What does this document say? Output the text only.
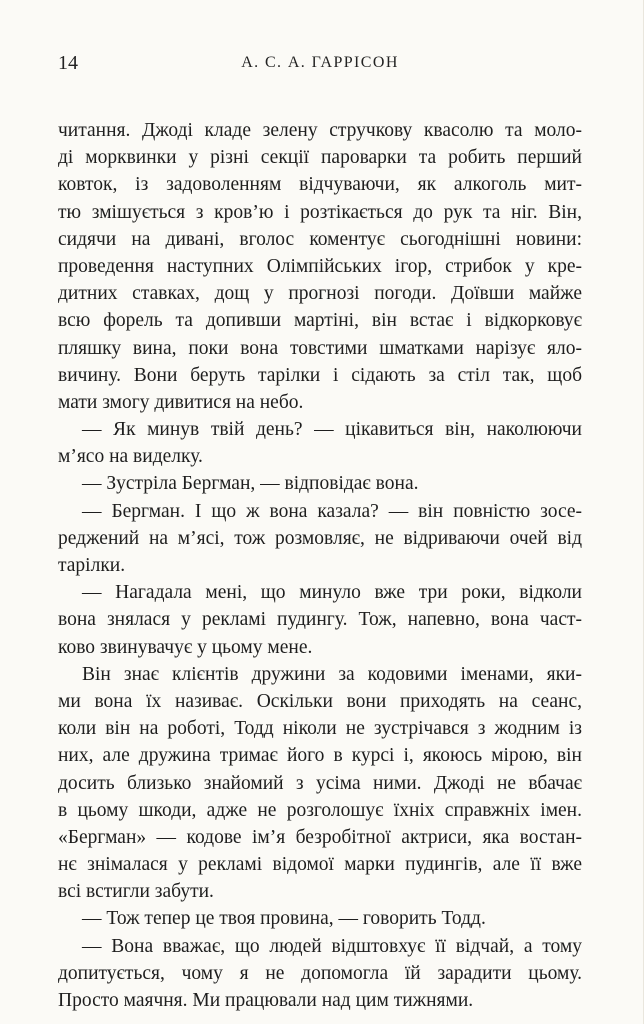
14	А. С. А. ГАРРІСОН
читання. Джоді кладе зелену стручкову квасолю та моло-
ді морквинки у різні секції пароварки та робить перший
ковток, із задоволенням відчуваючи, як алкоголь мит-
тю змішується з кров’ю і розтікається до рук та ніг. Він,
сидячи на дивані, вголос коментує сьогоднішні новини:
проведення наступних Олімпійських ігор, стрибок у кре-
дитних ставках, дощ у прогнозі погоди. Доївши майже
всю форель та допивши мартіні, він встає і відкорковує
пляшку вина, поки вона товстими шматками нарізує яло-
вичину. Вони беруть тарілки і сідають за стіл так, щоб
мати змогу дивитися на небо.
— Як минув твій день? — цікавиться він, наколюючи
м’ясо на виделку.
— Зустріла Бергман, — відповідає вона.
— Бергман. І що ж вона казала? — він повністю зосе-
реджений на м’ясі, тож розмовляє, не відриваючи очей від
тарілки.
— Нагадала мені, що минуло вже три роки, відколи
вона знялася у рекламі пудингу. Тож, напевно, вона част-
ково звинувачує у цьому мене.
Він знає клієнтів дружини за кодовими іменами, яки-
ми вона їх називає. Оскільки вони приходять на сеанс,
коли він на роботі, Тодд ніколи не зустрічався з жодним із
них, але дружина тримає його в курсі і, якоюсь мірою, він
досить близько знайомий з усіма ними. Джоді не вбачає
в цьому шкоди, адже не розголошує їхніх справжніх імен.
«Бергман» — кодове ім’я безробітної актриси, яка востан-
нє знімалася у рекламі відомої марки пудингів, але її вже
всі встигли забути.
— Тож тепер це твоя провина, — говорить Тодд.
— Вона вважає, що людей відштовхує її відчай, а тому
допитується, чому я не допомогла їй зарадити цьому.
Просто маячня. Ми працювали над цим тижнями.
